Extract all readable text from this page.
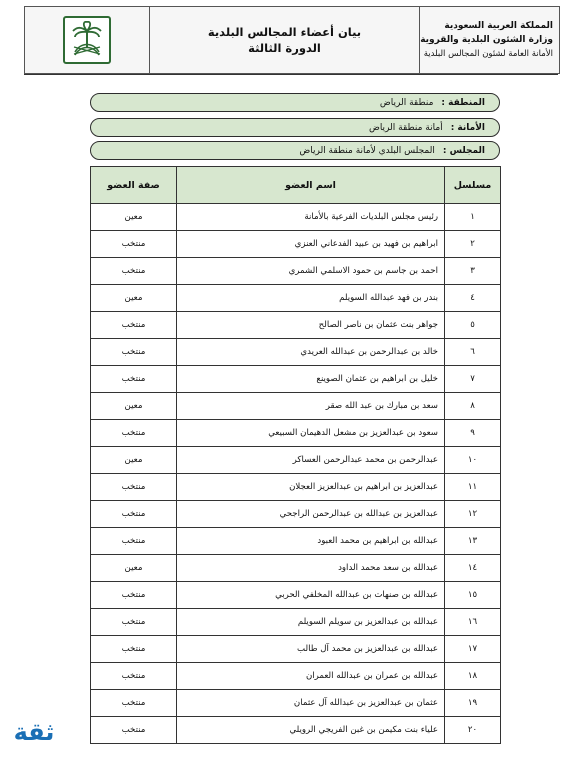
المملكة العربية السعودية
وزارة الشئون البلدية والقروية
الأمانة العامة لشئون المجالس البلدية
بيان أعضاء المجالس البلدية
الدورة الثالثة
المنطقة :منطقة الرياض
الأمانة :أمانة منطقة الرياض
المجلس :المجلس البلدي لأمانة منطقة الرياض
مسلسل	اسم العضو	صفة العضو
١	رئيس مجلس البلديات الفرعية بالأمانة	معين
٢	ابراهيم بن فهيد بن عبيد الفدعاني العنزي	منتخب
٣	احمد بن جاسم بن حمود الاسلمي الشمري	منتخب
٤	بندر بن فهد عبدالله السويلم	معين
٥	جواهر بنت عثمان بن ناصر الصالح	منتخب
٦	خالد بن عبدالرحمن بن عبدالله العريدي	منتخب
٧	خليل بن ابراهيم بن عثمان الصوينع	منتخب
٨	سعد بن مبارك بن عبد الله صقر	معين
٩	سعود بن عبدالعزيز بن مشعل الدهيمان السبيعي	منتخب
١٠	عبدالرحمن بن محمد عبدالرحمن العساكر	معين
١١	عبدالعزيز بن ابراهيم بن عبدالعزيز العجلان	منتخب
١٢	عبدالعزيز بن عبدالله بن عبدالرحمن الراجحي	منتخب
١٣	عبدالله بن ابراهيم بن محمد العبود	منتخب
١٤	عبدالله بن سعد محمد الداود	معين
١٥	عبدالله بن صنهات بن عبدالله المخلفي الحربي	منتخب
١٦	عبدالله بن عبدالعزيز بن سويلم السويلم	منتخب
١٧	عبدالله بن عبدالعزيز بن محمد آل طالب	منتخب
١٨	عبدالله بن عمران بن عبدالله العمران	منتخب
١٩	عثمان بن عبدالعزيز بن عبدالله آل عثمان	منتخب
٢٠	علياء بنت مكيمن بن غبن الفريجي الرويلي	منتخب
ثقة
